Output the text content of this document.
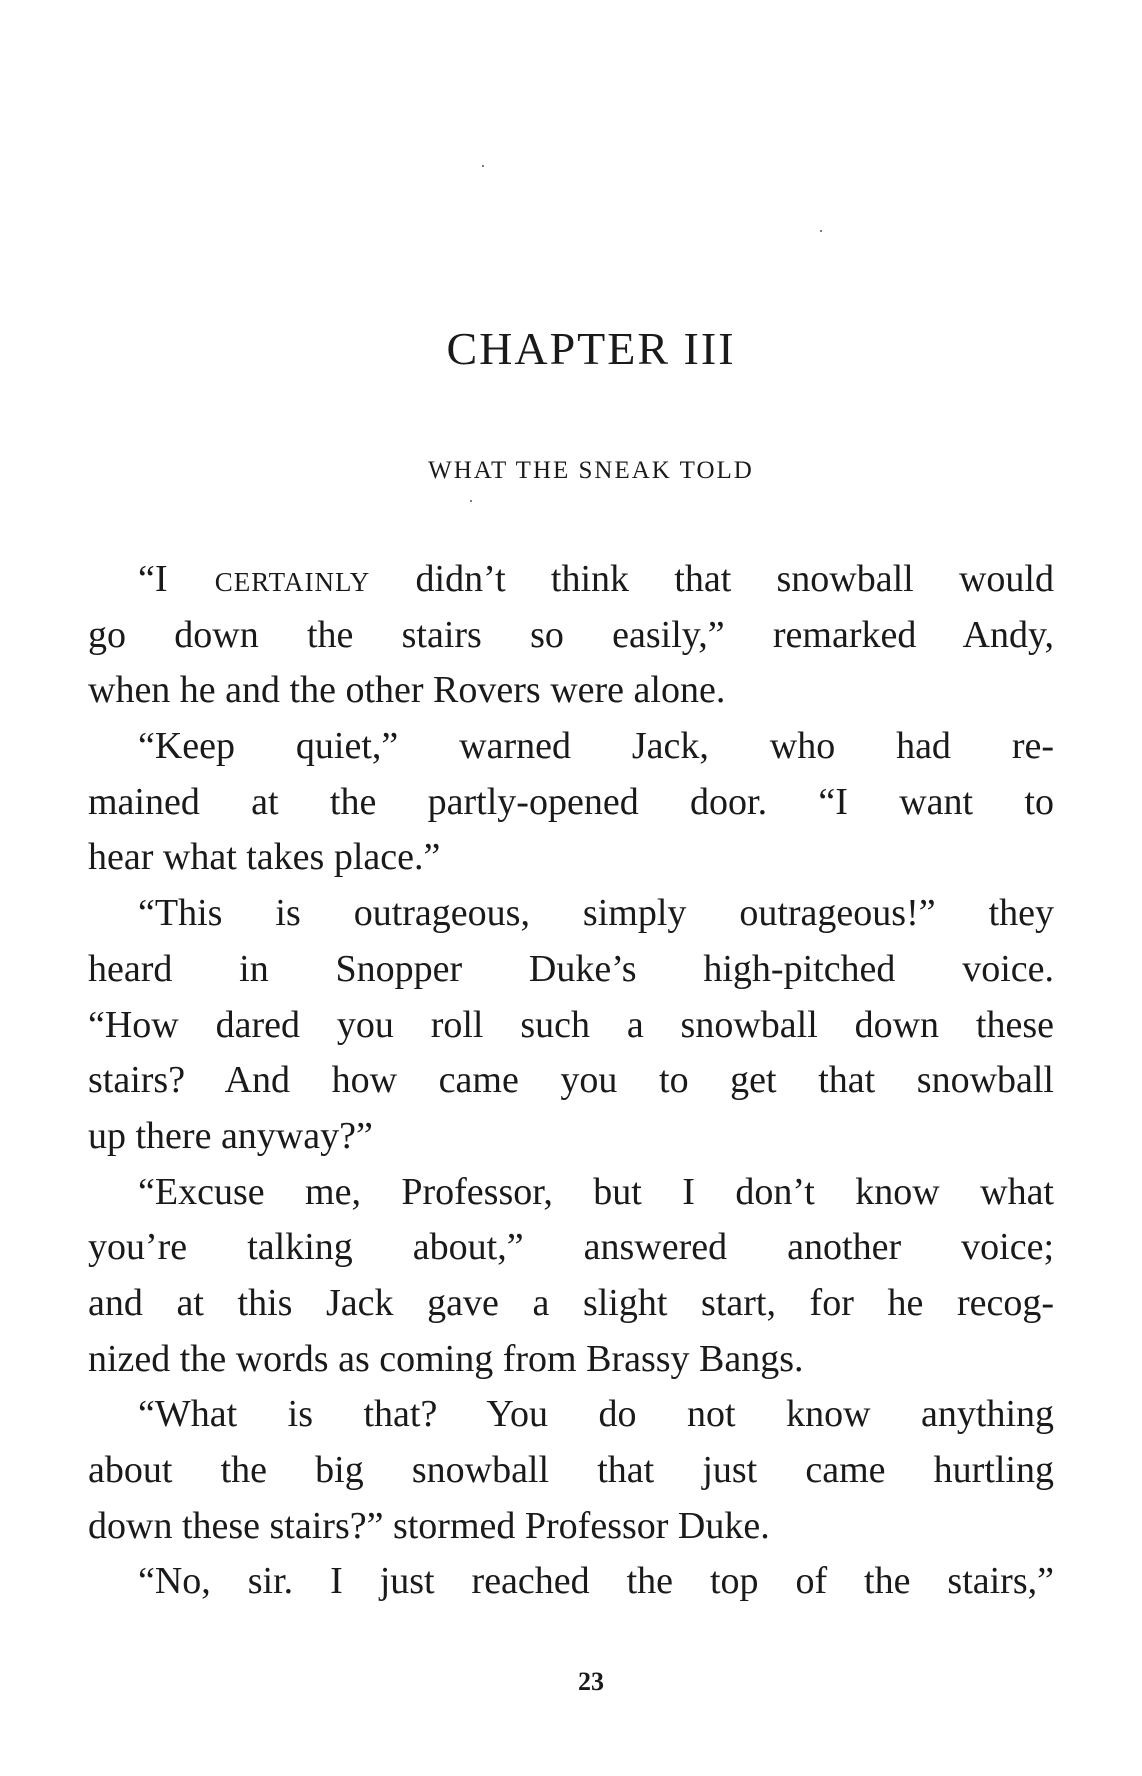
CHAPTER III
WHAT THE SNEAK TOLD
“I certainly didn’t think that snowball would
go down the stairs so easily,” remarked Andy,
when he and the other Rovers were alone.
“Keep quiet,” warned Jack, who had re-
mained at the partly-opened door. “I want to
hear what takes place.”
“This is outrageous, simply outrageous!” they
heard in Snopper Duke’s high-pitched voice.
“How dared you roll such a snowball down these
stairs? And how came you to get that snowball
up there anyway?”
“Excuse me, Professor, but I don’t know what
you’re talking about,” answered another voice;
and at this Jack gave a slight start, for he recog-
nized the words as coming from Brassy Bangs.
“What is that? You do not know anything
about the big snowball that just came hurtling
down these stairs?” stormed Professor Duke.
“No, sir. I just reached the top of the stairs,”
23
